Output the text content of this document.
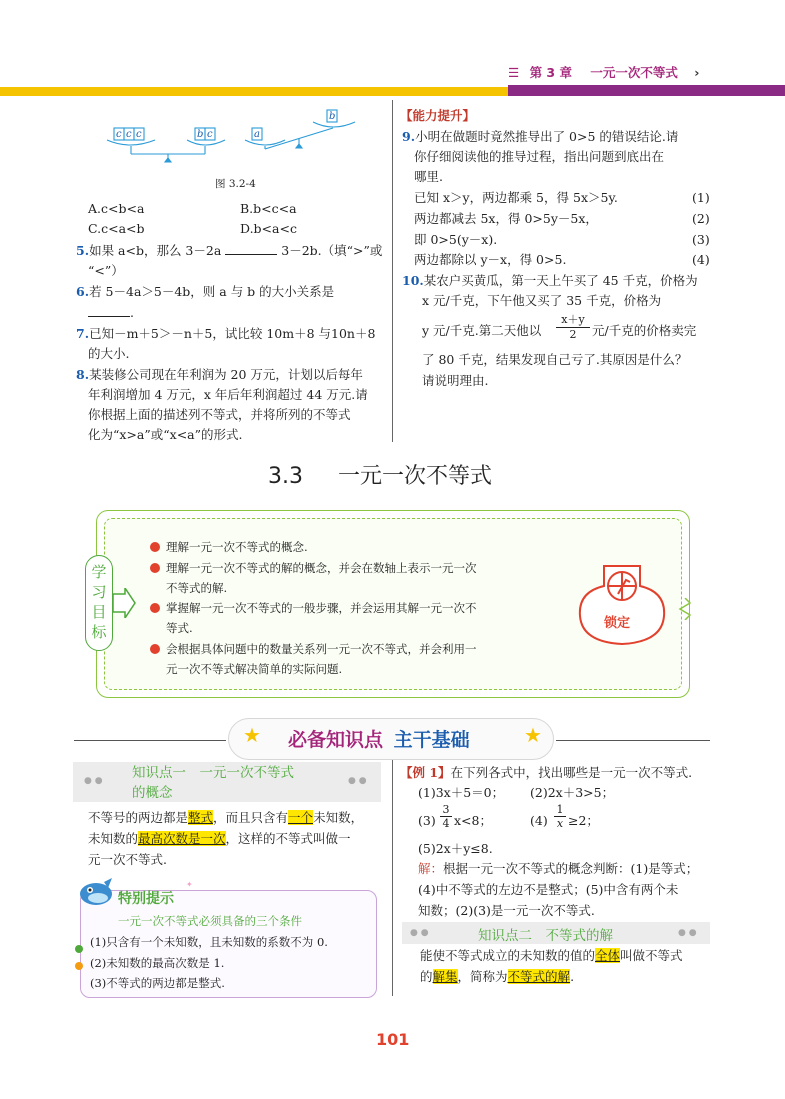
☰ 第 3 章 一元一次不等式 ›
c c c	b c	a
b
图 3.2-4
A.c<b<a	B.b<c<a
C.c<a<b	D.b<a<c
5.如果 a<b，那么 3－2a	3－2b.（填“>”或
“<”）
6.若 5－4a＞5－4b，则 a 与 b 的大小关系是
.
7.已知－m＋5＞－n＋5，试比较 10m＋8 与10n＋8
的大小.
8.某装修公司现在年利润为 20 万元，计划以后每年
年利润增加 4 万元，x 年后年利润超过 44 万元.请
你根据上面的描述列不等式，并将所列的不等式
化为“x>a”或“x<a”的形式.
【能力提升】
9.小明在做题时竟然推导出了 0>5 的错误结论.请
你仔细阅读他的推导过程，指出问题到底出在
哪里.
已知 x＞y，两边都乘 5，得 5x＞5y.	(1)
两边都减去 5x，得 0>5y－5x，	(2)
即 0>5(y－x).	(3)
两边都除以 y－x，得 0>5.	(4)
10.某农户买黄瓜，第一天上午买了 45 千克，价格为
x 元/千克，下午他又买了 35 千克，价格为
y 元/千克.第二天他以 $\frac{x+y}{2}$ 元/千克的价格卖完
了 80 千克，结果发现自己亏了.其原因是什么？
请说明理由.
3.3 一元一次不等式
学习目标
理解一元一次不等式的概念.
理解一元一次不等式的解的概念，并会在数轴上表示一元一次
不等式的解.
掌握解一元一次不等式的一般步骤，并会运用其解一元一次不
等式.
会根据具体问题中的数量关系列一元一次不等式，并会利用一
元一次不等式解决简单的实际问题.
锁定
★	★
必备知识点 主干基础
● ●	● ●
知识点一　一元一次不等式
的概念
不等号的两边都是整式，而且只含有一个未知数，
未知数的最高次数是一次，这样的不等式叫做一
元一次不等式.
特别提示
✦
一元一次不等式必须具备的三个条件
(1)只含有一个未知数，且未知数的系数不为 0.
(2)未知数的最高次数是 1.
(3)不等式的两边都是整式.
【例 1】在下列各式中，找出哪些是一元一次不等式.
(1)3x＋5＝0； (2)2x＋3>5；
$(3) \frac{3}{4} x<8$；	$(4) \frac{1}{x} \ge 2$；
(5)2x＋y≤8.
解：根据一元一次不等式的概念判断：(1)是等式；
(4)中不等式的左边不是整式；(5)中含有两个未
知数；(2)(3)是一元一次不等式.
● ●	● ●
知识点二　不等式的解
能使不等式成立的未知数的值的全体叫做不等式
的解集，简称为不等式的解.
101
